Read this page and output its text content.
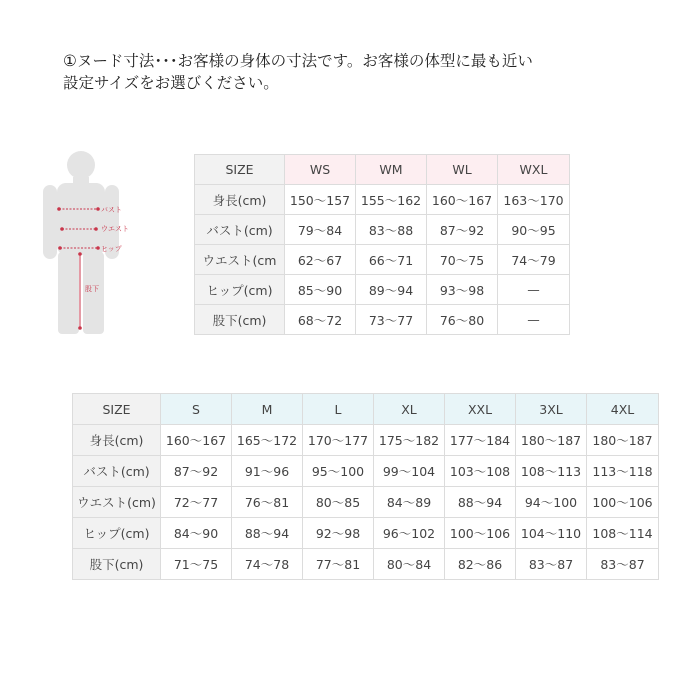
①ヌード寸法･･･お客様の身体の寸法です。お客様の体型に最も近い
設定サイズをお選びください。
バスト
ウエスト
ヒップ
股下
SIZE	WS	WM	WL	WXL
身長(cm)	150〜157	155〜162	160〜167	163〜170
バスト(cm)	79〜84	83〜88	87〜92	90〜95
ウエスト(cm	62〜67	66〜71	70〜75	74〜79
ヒップ(cm)	85〜90	89〜94	93〜98	—
股下(cm)	68〜72	73〜77	76〜80	—
SIZE	S	M	L	XL	XXL	3XL	4XL
身長(cm)	160〜167	165〜172	170〜177	175〜182	177〜184	180〜187	180〜187
バスト(cm)	87〜92	91〜96	95〜100	99〜104	103〜108	108〜113	113〜118
ウエスト(cm)	72〜77	76〜81	80〜85	84〜89	88〜94	94〜100	100〜106
ヒップ(cm)	84〜90	88〜94	92〜98	96〜102	100〜106	104〜110	108〜114
股下(cm)	71〜75	74〜78	77〜81	80〜84	82〜86	83〜87	83〜87
